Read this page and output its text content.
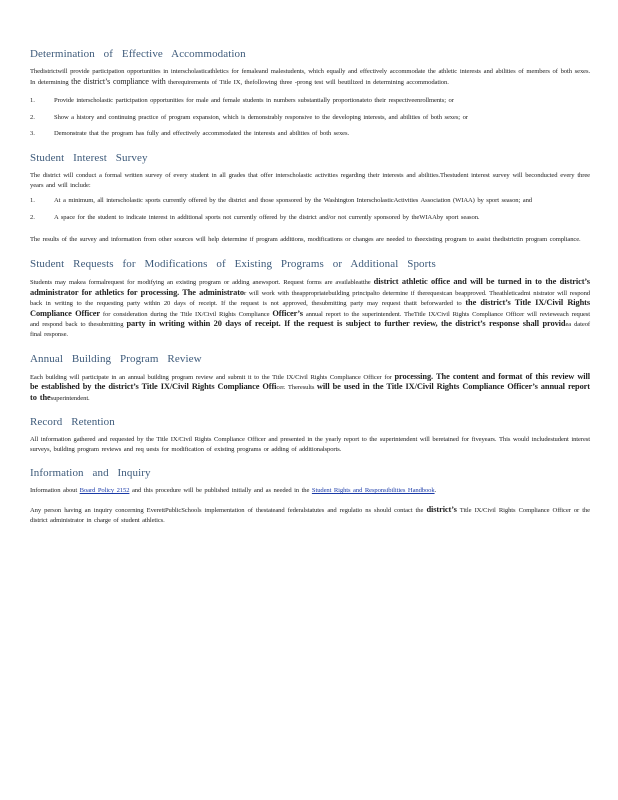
Determination of Effective Accommodation

Thedistrictwill provide participation opportunities in interscholasticathletics for femaleand malestudents, which equally and effectively accommodate the athletic interests and abilities of members of both sexes. In determining the district’s compliance with therequirements of Title IX, thefollowing three -prong test will beutilized in determining accommodation.

1.	Provide interscholastic participation opportunities for male and female students in numbers substantially proportionateto their respectiveenrollments; or
2.	Show a history and continuing practice of program expansion, which is demonstrably responsive to the developing interests, and abilities of both sexes; or
3.	Demonstrate that the program has fully and effectively accommodated the interests and abilities of both sexes.
Student Interest Survey

The district will conduct a formal written survey of every student in all grades that offer interscholastic activities regarding their interests and abilities.Thestudent interest survey will beconducted every three years and will include:

1.	At a minimum, all interscholastic sports currently offered by the district and those sponsored by the Washington InterscholasticActivities Association (WIAA) by sport season; and
2.	A space for the student to indicate interest in additional sports not currently offered by the district and/or not currently sponsored by theWIAAby sport season.

The results of the survey and information from other sources will help determine if program additions, modifications or changes are needed to theexisting program to assist thedistrictin program compliance.

Student Requests for Modifications of Existing Programs or Additional Sports

Students may makea formalrequest for modifying an existing program or adding anewsport. Request forms are availableatthe district athletic office and will be turned in to the district’s administrator for athletics for processing. The administrator will work with theappropriatebuilding principalto determine if therequestcan beapproved. Theathleticadmi nistrator will respond back in writing to the requesting party within 20 days of receipt. If the request is not approved, thesubmitting party may request thatit beforwarded to the district’s Title IX/Civil Rights Compliance Officer for consideration during the Title IX/Civil Rights Compliance Officer’s annual report to the superintendent. TheTitle IX/Civil Rights Compliance Officer will revieweach request and respond back to thesubmitting party in writing within 20 days of receipt. If the request is subject to further review, the district’s response shall providea dateof final response.

Annual Building Program Review

Each building will participate in an annual building program review and submit it to the Title IX/Civil Rights Compliance Officer for processing. The content and format of this review will be established by the district’s Title IX/Civil Rights Compliance Officer. Theresults will be used in the Title IX/Civil Rights Compliance Officer’s annual report to thesuperintendent.

Record Retention

All information gathered and requested by the Title IX/Civil Rights Compliance Officer and presented in the yearly report to the superintendent will beretained for fiveyears. This would includestudent interest surveys, building program reviews and req uests for modification of existing programs or adding of additionalsports.

Information and Inquiry

Information about Board Policy 2152 and this procedure will be published initially and as needed in the Student Rights and Responsibilities Handbook.

Any person having an inquiry concerning EverettPublicSchools implementation of thestateand federalstatutes and regulatio ns should contact the district’s Title IX/Civil Rights Compliance Officer or the district administrator in charge of student athletics.
